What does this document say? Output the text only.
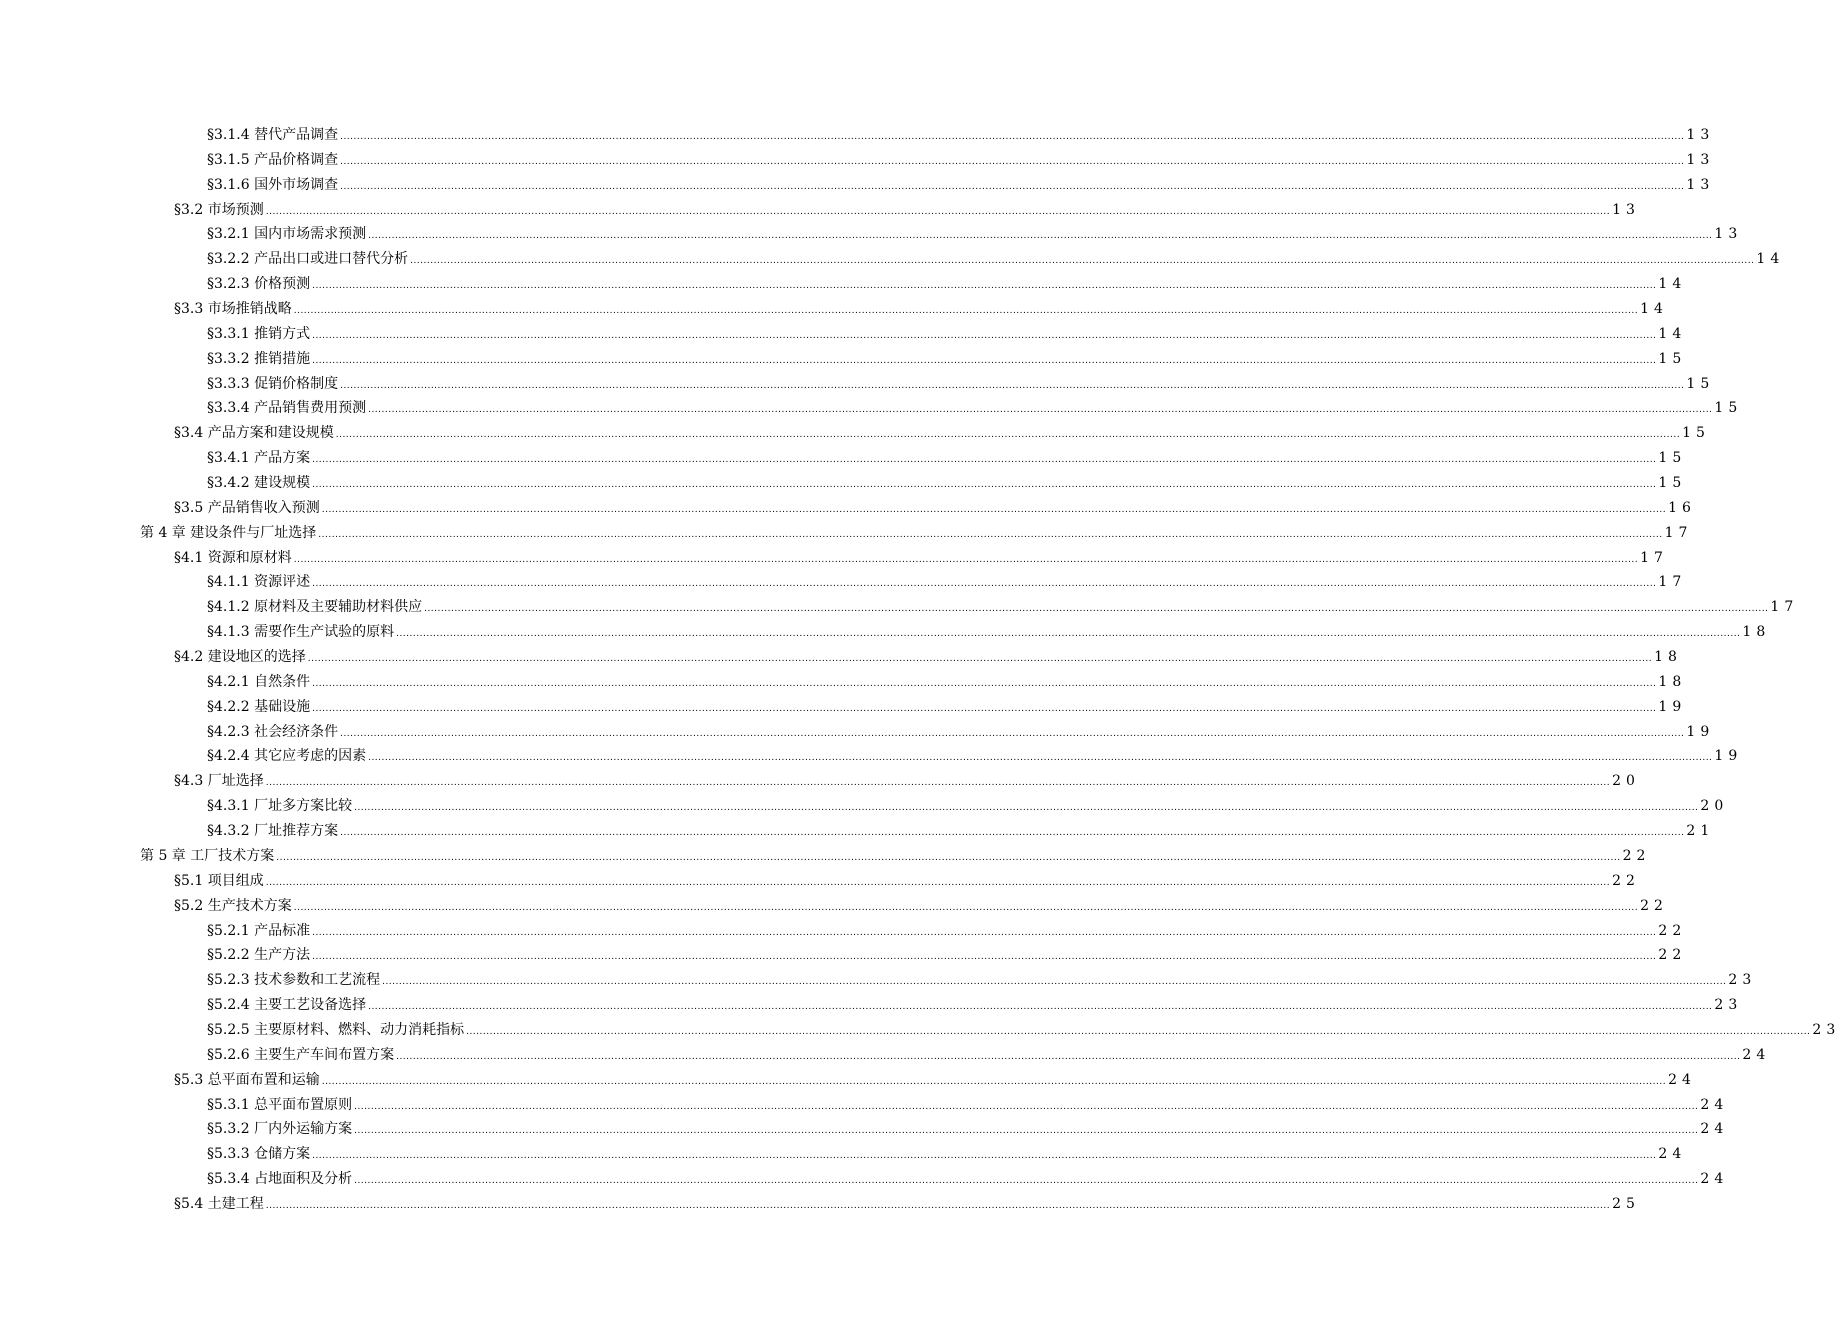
§3.1.4 替代产品调查 ................................................................................................................................................................................................................................................................................................................................................................................................................ 13
§3.1.5 产品价格调查 ................................................................................................................................................................................................................................................................................................................................................................................................................ 13
§3.1.6 国外市场调查 ................................................................................................................................................................................................................................................................................................................................................................................................................ 13
§3.2 市场预测 ................................................................................................................................................................................................................................................................................................................................................................................................................ 13
§3.2.1 国内市场需求预测 ................................................................................................................................................................................................................................................................................................................................................................................................................ 13
§3.2.2 产品出口或进口替代分析 ................................................................................................................................................................................................................................................................................................................................................................................................................ 14
§3.2.3 价格预测 ................................................................................................................................................................................................................................................................................................................................................................................................................ 14
§3.3 市场推销战略 ................................................................................................................................................................................................................................................................................................................................................................................................................ 14
§3.3.1 推销方式 ................................................................................................................................................................................................................................................................................................................................................................................................................ 14
§3.3.2 推销措施 ................................................................................................................................................................................................................................................................................................................................................................................................................ 15
§3.3.3 促销价格制度 ................................................................................................................................................................................................................................................................................................................................................................................................................ 15
§3.3.4 产品销售费用预测 ................................................................................................................................................................................................................................................................................................................................................................................................................ 15
§3.4 产品方案和建设规模 ................................................................................................................................................................................................................................................................................................................................................................................................................ 15
§3.4.1 产品方案 ................................................................................................................................................................................................................................................................................................................................................................................................................ 15
§3.4.2 建设规模 ................................................................................................................................................................................................................................................................................................................................................................................................................ 15
§3.5 产品销售收入预测 ................................................................................................................................................................................................................................................................................................................................................................................................................ 16
第 4 章 建设条件与厂址选择 ................................................................................................................................................................................................................................................................................................................................................................................................................ 17
§4.1 资源和原材料 ................................................................................................................................................................................................................................................................................................................................................................................................................ 17
§4.1.1 资源评述 ................................................................................................................................................................................................................................................................................................................................................................................................................ 17
§4.1.2 原材料及主要辅助材料供应 ................................................................................................................................................................................................................................................................................................................................................................................................................ 17
§4.1.3 需要作生产试验的原料 ................................................................................................................................................................................................................................................................................................................................................................................................................ 18
§4.2 建设地区的选择 ................................................................................................................................................................................................................................................................................................................................................................................................................ 18
§4.2.1 自然条件 ................................................................................................................................................................................................................................................................................................................................................................................................................ 18
§4.2.2 基础设施 ................................................................................................................................................................................................................................................................................................................................................................................................................ 19
§4.2.3 社会经济条件 ................................................................................................................................................................................................................................................................................................................................................................................................................ 19
§4.2.4 其它应考虑的因素 ................................................................................................................................................................................................................................................................................................................................................................................................................ 19
§4.3 厂址选择 ................................................................................................................................................................................................................................................................................................................................................................................................................ 20
§4.3.1 厂址多方案比较 ................................................................................................................................................................................................................................................................................................................................................................................................................ 20
§4.3.2 厂址推荐方案 ................................................................................................................................................................................................................................................................................................................................................................................................................ 21
第 5 章 工厂技术方案 ................................................................................................................................................................................................................................................................................................................................................................................................................ 22
§5.1 项目组成 ................................................................................................................................................................................................................................................................................................................................................................................................................ 22
§5.2 生产技术方案 ................................................................................................................................................................................................................................................................................................................................................................................................................ 22
§5.2.1 产品标准 ................................................................................................................................................................................................................................................................................................................................................................................................................ 22
§5.2.2 生产方法 ................................................................................................................................................................................................................................................................................................................................................................................................................ 22
§5.2.3 技术参数和工艺流程 ................................................................................................................................................................................................................................................................................................................................................................................................................ 23
§5.2.4 主要工艺设备选择 ................................................................................................................................................................................................................................................................................................................................................................................................................ 23
§5.2.5 主要原材料、燃料、动力消耗指标 ................................................................................................................................................................................................................................................................................................................................................................................................................ 23
§5.2.6 主要生产车间布置方案 ................................................................................................................................................................................................................................................................................................................................................................................................................ 24
§5.3 总平面布置和运输 ................................................................................................................................................................................................................................................................................................................................................................................................................ 24
§5.3.1 总平面布置原则 ................................................................................................................................................................................................................................................................................................................................................................................................................ 24
§5.3.2 厂内外运输方案 ................................................................................................................................................................................................................................................................................................................................................................................................................ 24
§5.3.3 仓储方案 ................................................................................................................................................................................................................................................................................................................................................................................................................ 24
§5.3.4 占地面积及分析 ................................................................................................................................................................................................................................................................................................................................................................................................................ 24
§5.4 土建工程 ................................................................................................................................................................................................................................................................................................................................................................................................................ 25
